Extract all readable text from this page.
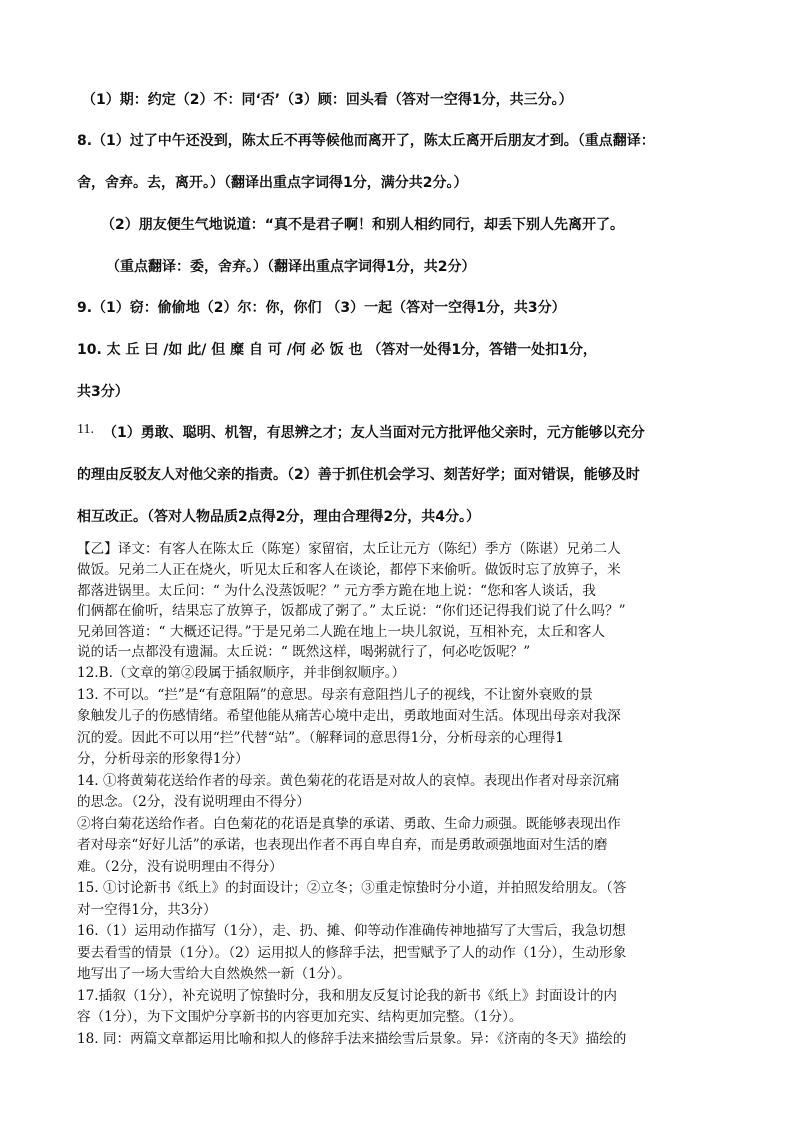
（1）期：约定（2）不：同‘否’（3）顾：回头看（答对一空得1分，共三分。）
8.（1）过了中午还没到，陈太丘不再等候他而离开了，陈太丘离开后朋友才到。（重点翻译：
舍，舍弃。去，离开。）（翻译出重点字词得1分，满分共2分。）
（2）朋友便生气地说道：“真不是君子啊！和别人相约同行，却丢下别人先离开了。
（重点翻译：委，舍弃。）（翻译出重点字词得1分，共2分）
9.（1）窃：偷偷地（2）尔：你，你们 （3）一起（答对一空得1分，共3分）
10. 太 丘 曰 /如 此/ 但 糜 自 可 /何 必 饭 也 （答对一处得1分，答错一处扣1分，
共3分）
11. （1）勇敢、聪明、机智，有思辨之才；友人当面对元方批评他父亲时，元方能够以充分
的理由反驳友人对他父亲的指责。（2）善于抓住机会学习、刻苦好学；面对错误，能够及时
相互改正。（答对人物品质2点得2分，理由合理得2分，共4分。）
【乙】译文：有客人在陈太丘（陈寔）家留宿，太丘让元方（陈纪）季方（陈谌）兄弟二人
做饭。兄弟二人正在烧火，听见太丘和客人在谈论，都停下来偷听。做饭时忘了放箅子，米
都落进锅里。太丘问：“ 为什么没蒸饭呢？” 元方季方跪在地上说：“您和客人谈话，我
们俩都在偷听，结果忘了放箅子，饭都成了粥了。” 太丘说：“你们还记得我们说了什么吗？”
兄弟回答道：“ 大概还记得。”于是兄弟二人跪在地上一块儿叙说，互相补充，太丘和客人
说的话一点都没有遗漏。太丘说：“ 既然这样，喝粥就行了，何必吃饭呢？”
12.B.（文章的第②段属于插叙顺序，并非倒叙顺序。）
13. 不可以。“拦”是“有意阻隔”的意思。母亲有意阻挡儿子的视线，不让窗外衰败的景
象触发儿子的伤感情绪。希望他能从痛苦心境中走出，勇敢地面对生活。体现出母亲对我深
沉的爱。因此不可以用“拦”代替“站”。（解释词的意思得1分，分析母亲的心理得1
分，分析母亲的形象得1分）
14. ①将黄菊花送给作者的母亲。黄色菊花的花语是对故人的哀悼。表现出作者对母亲沉痛
的思念。（2分，没有说明理由不得分）
②将白菊花送给作者。白色菊花的花语是真挚的承诺、勇敢、生命力顽强。既能够表现出作
者对母亲“好好儿活”的承诺，也表现出作者不再自卑自弃，而是勇敢顽强地面对生活的磨
难。（2分，没有说明理由不得分）
15. ①讨论新书《纸上》的封面设计；②立冬；③重走惊蛰时分小道，并拍照发给朋友。（答
对一空得1分，共3分）
16.（1）运用动作描写（1分），走、扔、摊、仰等动作准确传神地描写了大雪后，我急切想
要去看雪的情景（1分）。（2）运用拟人的修辞手法，把雪赋予了人的动作（1分），生动形象
地写出了一场大雪给大自然焕然一新（1分）。
17.插叙（1分），补充说明了惊蛰时分，我和朋友反复讨论我的新书《纸上》封面设计的内
容（1分），为下文围炉分享新书的内容更加充实、结构更加完整。（1分）。
18. 同：两篇文章都运用比喻和拟人的修辞手法来描绘雪后景象。异：《济南的冬天》描绘的
